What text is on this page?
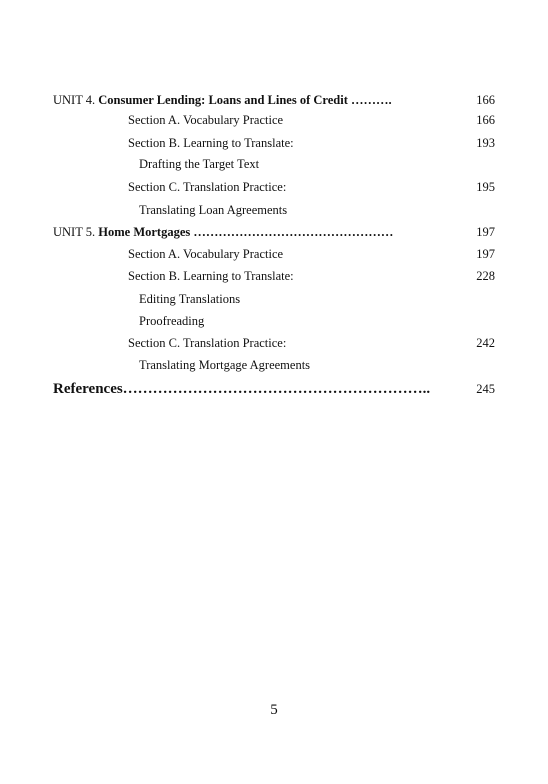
UNIT 4. Consumer Lending: Loans and Lines of Credit ……….	166
Section A. Vocabulary Practice	166
Section B. Learning to Translate:	193
Drafting the Target Text
Section C. Translation Practice:	195
Translating Loan Agreements
UNIT 5. Home Mortgages …………………………………………	197
Section A. Vocabulary Practice	197
Section B. Learning to Translate:	228
Editing Translations
Proofreading
Section C. Translation Practice:	242
Translating Mortgage Agreements
References……………………………………………………..	245
5
